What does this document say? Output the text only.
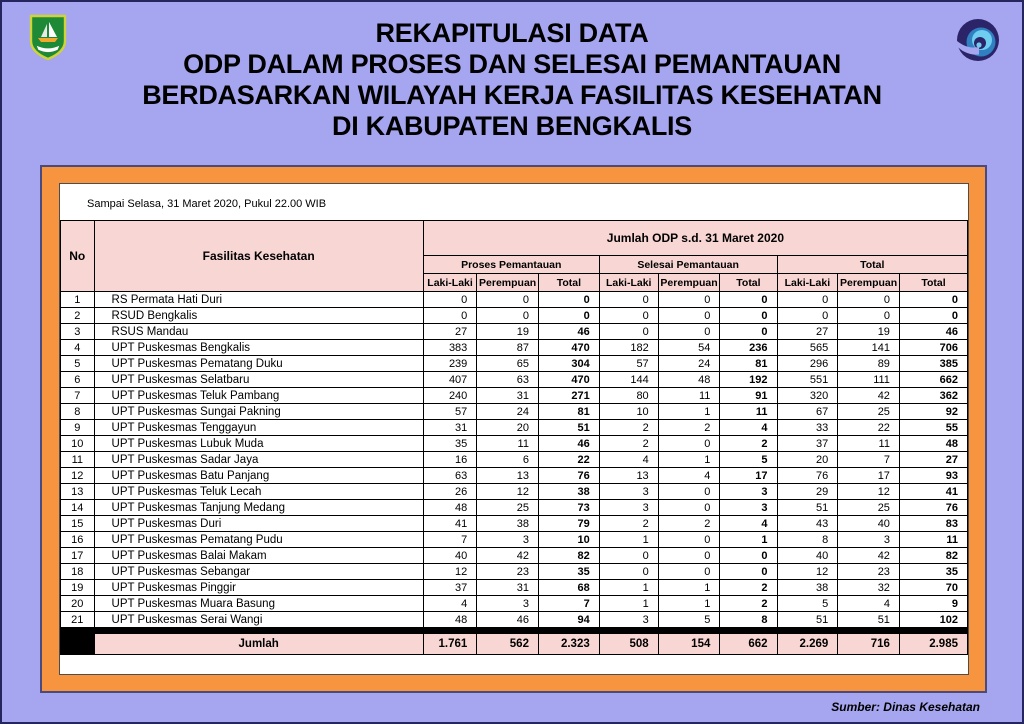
REKAPITULASI DATA
ODP DALAM PROSES DAN SELESAI PEMANTAUAN
BERDASARKAN WILAYAH KERJA FASILITAS KESEHATAN
DI KABUPATEN BENGKALIS
Sampai Selasa, 31 Maret 2020, Pukul 22.00 WIB
No	Fasilitas Kesehatan	Jumlah ODP s.d. 31 Maret 2020								
		Proses Pemantauan			Selesai Pemantauan			Total		
		Laki-Laki	Perempuan	Total	Laki-Laki	Perempuan	Total	Laki-Laki	Perempuan	Total
1	RS Permata Hati Duri	0	0	0	0	0	0	0	0	0
2	RSUD Bengkalis	0	0	0	0	0	0	0	0	0
3	RSUS Mandau	27	19	46	0	0	0	27	19	46
4	UPT Puskesmas Bengkalis	383	87	470	182	54	236	565	141	706
5	UPT Puskesmas Pematang Duku	239	65	304	57	24	81	296	89	385
6	UPT Puskesmas Selatbaru	407	63	470	144	48	192	551	111	662
7	UPT Puskesmas Teluk Pambang	240	31	271	80	11	91	320	42	362
8	UPT Puskesmas Sungai Pakning	57	24	81	10	1	11	67	25	92
9	UPT Puskesmas Tenggayun	31	20	51	2	2	4	33	22	55
10	UPT Puskesmas Lubuk Muda	35	11	46	2	0	2	37	11	48
11	UPT Puskesmas Sadar Jaya	16	6	22	4	1	5	20	7	27
12	UPT Puskesmas Batu Panjang	63	13	76	13	4	17	76	17	93
13	UPT Puskesmas Teluk Lecah	26	12	38	3	0	3	29	12	41
14	UPT Puskesmas Tanjung Medang	48	25	73	3	0	3	51	25	76
15	UPT Puskesmas Duri	41	38	79	2	2	4	43	40	83
16	UPT Puskesmas Pematang Pudu	7	3	10	1	0	1	8	3	11
17	UPT Puskesmas Balai Makam	40	42	82	0	0	0	40	42	82
18	UPT Puskesmas Sebangar	12	23	35	0	0	0	12	23	35
19	UPT Puskesmas Pinggir	37	31	68	1	1	2	38	32	70
20	UPT Puskesmas Muara Basung	4	3	7	1	1	2	5	4	9
21	UPT Puskesmas Serai Wangi	48	46	94	3	5	8	51	51	102

	Jumlah	1.761	562	2.323	508	154	662	2.269	716	2.985
Sumber: Dinas Kesehatan
